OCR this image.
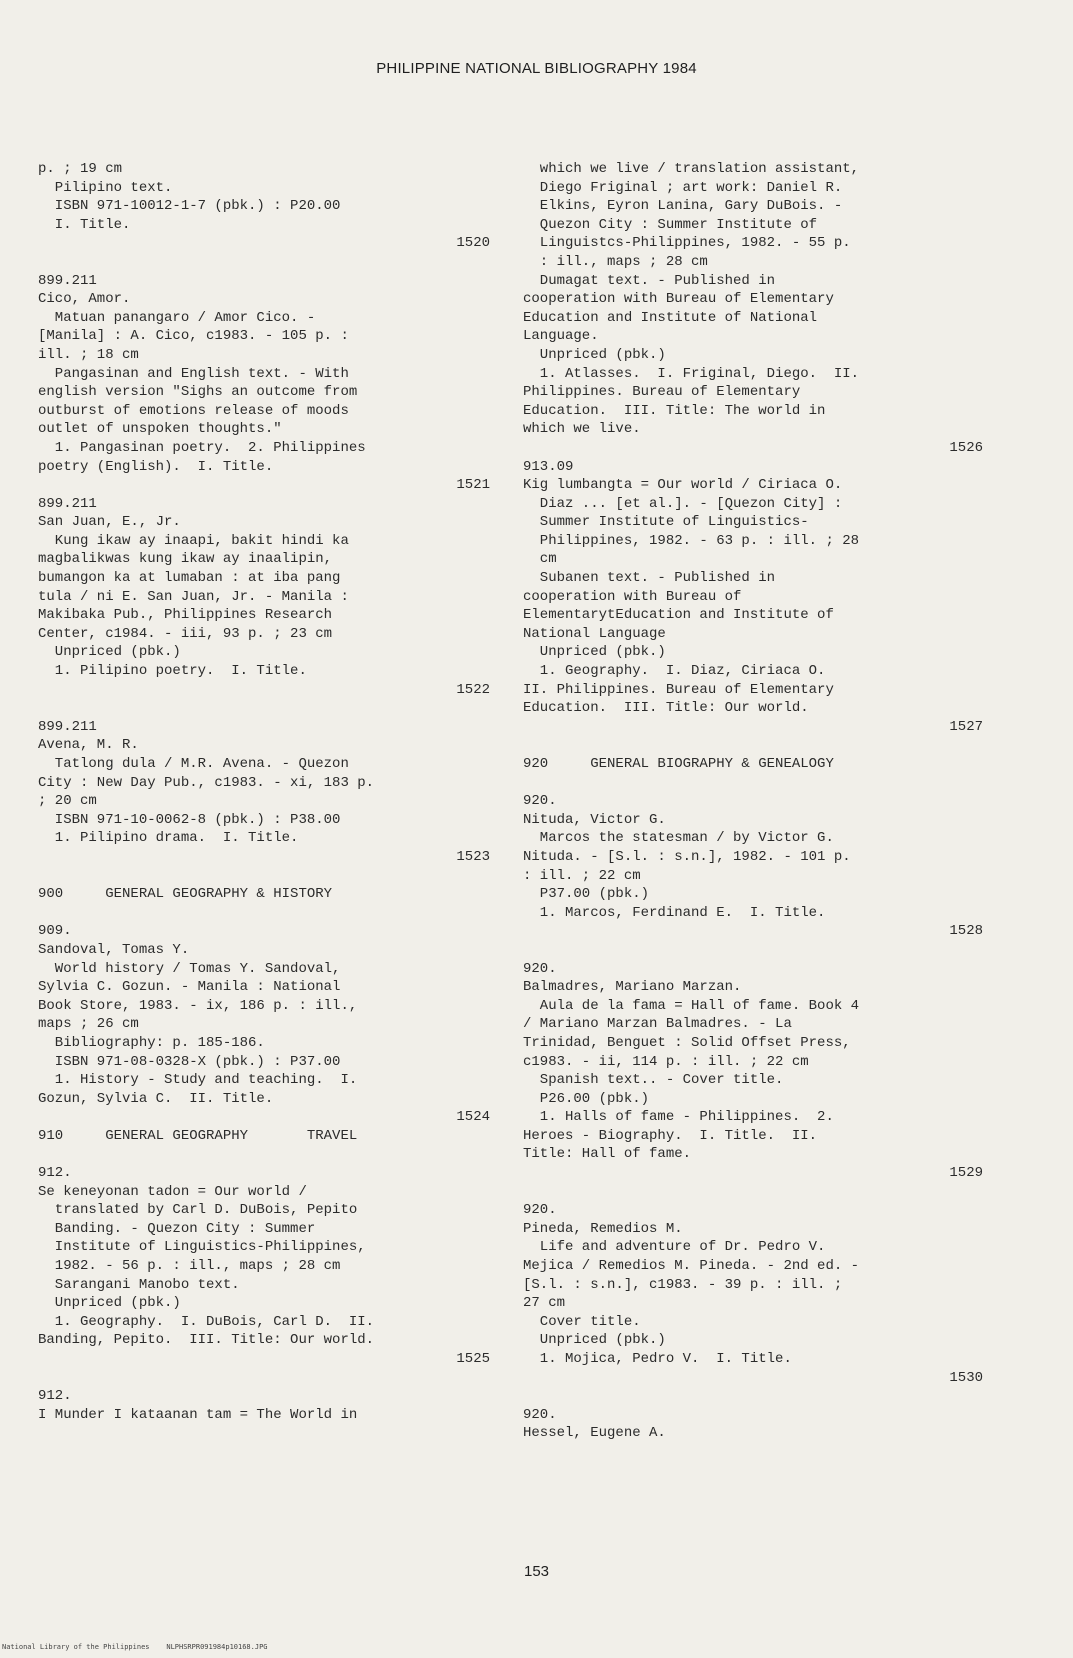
PHILIPPINE NATIONAL BIBLIOGRAPHY 1984
p. ; 19 cm
Pilipino text.
ISBN 971-10012-1-7 (pbk.) : P20.00
I. Title.
1520
899.211
Cico, Amor.
Matuan panangaro / Amor Cico. -
[Manila] : A. Cico, c1983. - 105 p. :
ill. ; 18 cm
Pangasinan and English text. - With
english version "Sighs an outcome from
outburst of emotions release of moods
outlet of unspoken thoughts."
1. Pangasinan poetry.  2. Philippines
poetry (English).  I. Title.
1521
899.211
San Juan, E., Jr.
Kung ikaw ay inaapi, bakit hindi ka
magbalikwas kung ikaw ay inaalipin,
bumangon ka at lumaban : at iba pang
tula / ni E. San Juan, Jr. - Manila :
Makibaka Pub., Philippines Research
Center, c1984. - iii, 93 p. ; 23 cm
Unpriced (pbk.)
1. Pilipino poetry.  I. Title.
1522
899.211
Avena, M. R.
Tatlong dula / M.R. Avena. - Quezon
City : New Day Pub., c1983. - xi, 183 p.
; 20 cm
ISBN 971-10-0062-8 (pbk.) : P38.00
1. Pilipino drama.  I. Title.
1523
900     GENERAL GEOGRAPHY & HISTORY
909.
Sandoval, Tomas Y.
World history / Tomas Y. Sandoval,
Sylvia C. Gozun. - Manila : National
Book Store, 1983. - ix, 186 p. : ill.,
maps ; 26 cm
Bibliography: p. 185-186.
ISBN 971-08-0328-X (pbk.) : P37.00
1. History - Study and teaching.  I.
Gozun, Sylvia C.  II. Title.
1524
910     GENERAL GEOGRAPHY       TRAVEL
912.
Se keneyonan tadon = Our world /
translated by Carl D. DuBois, Pepito
Banding. - Quezon City : Summer
Institute of Linguistics-Philippines,
1982. - 56 p. : ill., maps ; 28 cm
Sarangani Manobo text.
Unpriced (pbk.)
1. Geography.  I. DuBois, Carl D.  II.
Banding, Pepito.  III. Title: Our world.
1525
912.
I Munder I kataanan tam = The World in
which we live / translation assistant,
Diego Friginal ; art work: Daniel R.
Elkins, Eyron Lanina, Gary DuBois. -
Quezon City : Summer Institute of
Linguistcs-Philippines, 1982. - 55 p.
: ill., maps ; 28 cm
Dumagat text. - Published in
cooperation with Bureau of Elementary
Education and Institute of National
Language.
Unpriced (pbk.)
1. Atlasses.  I. Friginal, Diego.  II.
Philippines. Bureau of Elementary
Education.  III. Title: The world in
which we live.
1526
913.09
Kig lumbangta = Our world / Ciriaca O.
Diaz ... [et al.]. - [Quezon City] :
Summer Institute of Linguistics-
Philippines, 1982. - 63 p. : ill. ; 28
cm
Subanen text. - Published in
cooperation with Bureau of
ElementarytEducation and Institute of
National Language
Unpriced (pbk.)
1. Geography.  I. Diaz, Ciriaca O.
II. Philippines. Bureau of Elementary
Education.  III. Title: Our world.
1527
920     GENERAL BIOGRAPHY & GENEALOGY
920.
Nituda, Victor G.
Marcos the statesman / by Victor G.
Nituda. - [S.l. : s.n.], 1982. - 101 p.
: ill. ; 22 cm
P37.00 (pbk.)
1. Marcos, Ferdinand E.  I. Title.
1528
920.
Balmadres, Mariano Marzan.
Aula de la fama = Hall of fame. Book 4
/ Mariano Marzan Balmadres. - La
Trinidad, Benguet : Solid Offset Press,
c1983. - ii, 114 p. : ill. ; 22 cm
Spanish text.. - Cover title.
P26.00 (pbk.)
1. Halls of fame - Philippines.  2.
Heroes - Biography.  I. Title.  II.
Title: Hall of fame.
1529
920.
Pineda, Remedios M.
Life and adventure of Dr. Pedro V.
Mejica / Remedios M. Pineda. - 2nd ed. -
[S.l. : s.n.], c1983. - 39 p. : ill. ;
27 cm
Cover title.
Unpriced (pbk.)
1. Mojica, Pedro V.  I. Title.
1530
920.
Hessel, Eugene A.
153
National Library of the Philippines    NLPHSRPR091984p10168.JPG
